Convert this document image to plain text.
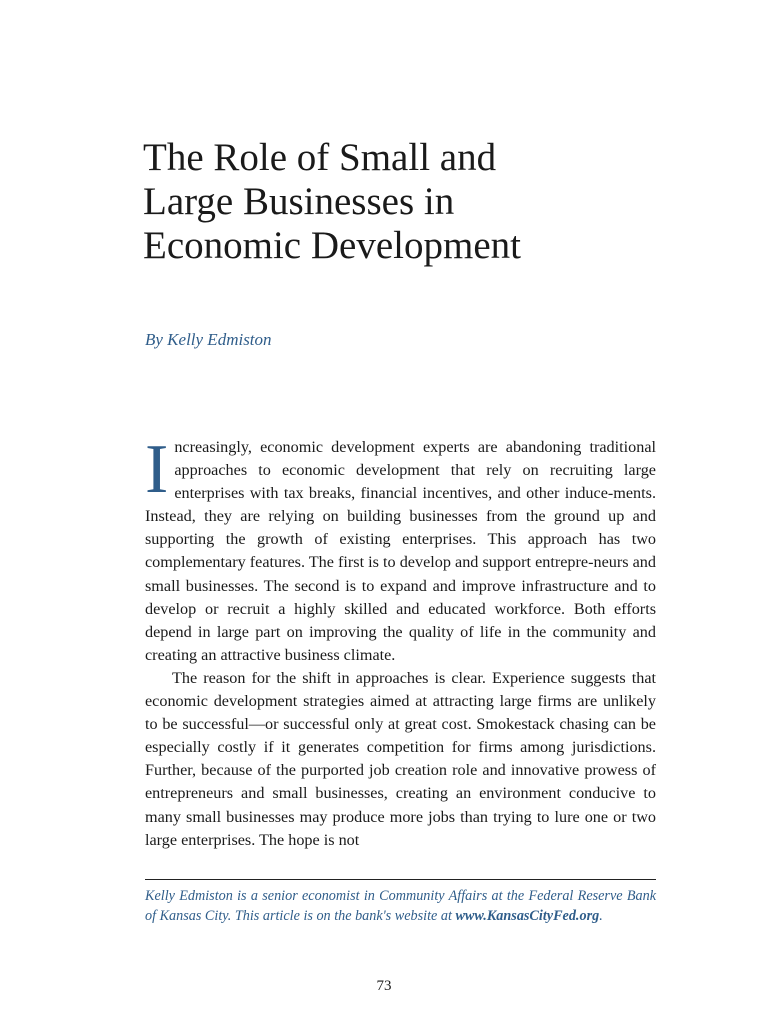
The Role of Small and
Large Businesses in
Economic Development
By Kelly Edmiston

Increasingly, economic development experts are abandoning traditional approaches to economic development that rely on recruiting large enterprises with tax breaks, financial incentives, and other induce-ments. Instead, they are relying on building businesses from the ground up and supporting the growth of existing enterprises. This approach has two complementary features. The first is to develop and support entrepre-neurs and small businesses. The second is to expand and improve infrastructure and to develop or recruit a highly skilled and educated workforce. Both efforts depend in large part on improving the quality of life in the community and creating an attractive business climate.

The reason for the shift in approaches is clear. Experience suggests that economic development strategies aimed at attracting large firms are unlikely to be successful—or successful only at great cost. Smokestack chasing can be especially costly if it generates competition for firms among jurisdictions. Further, because of the purported job creation role and innovative prowess of entrepreneurs and small businesses, creating an environment conducive to many small businesses may produce more jobs than trying to lure one or two large enterprises. The hope is not

Kelly Edmiston is a senior economist in Community Affairs at the Federal Reserve Bank of Kansas City. This article is on the bank's website at www.KansasCityFed.org.
73
